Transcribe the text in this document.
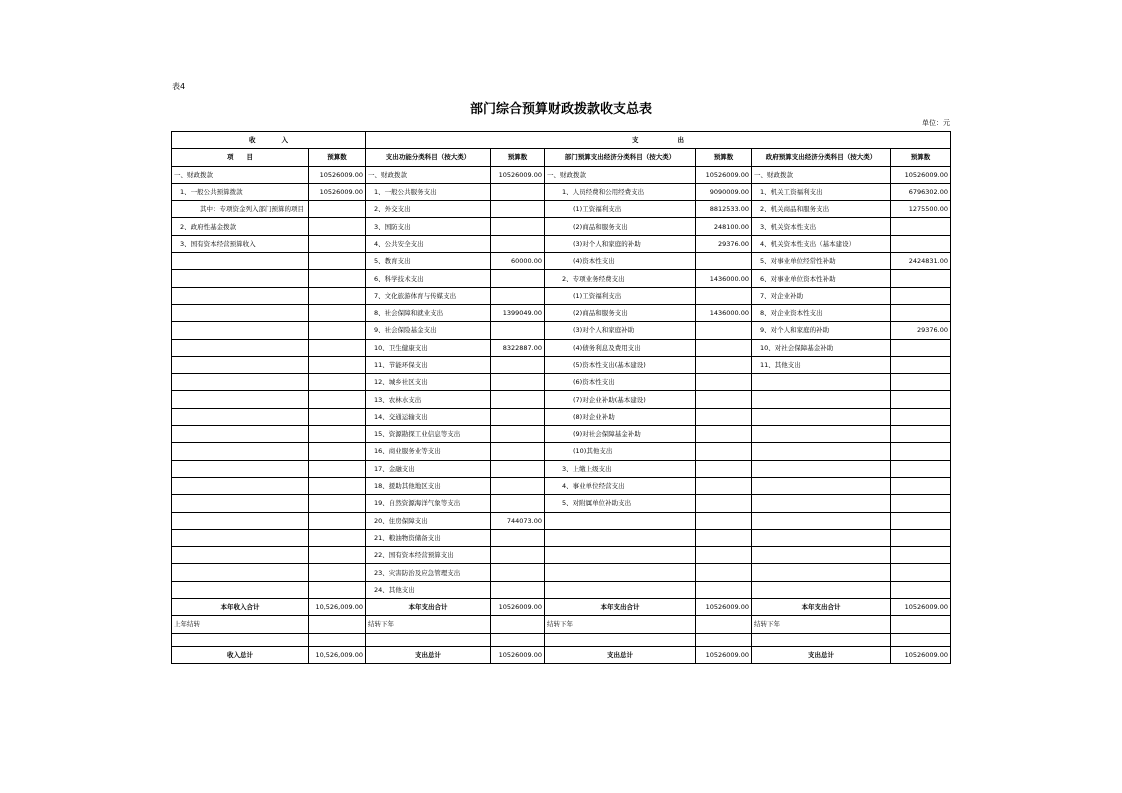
表4
部门综合预算财政拨款收支总表
单位：元
收　　　　入		支　　　　　　出					
项　　目	预算数	支出功能分类科目（按大类）	预算数	部门预算支出经济分类科目（按大类）	预算数	政府预算支出经济分类科目（按大类）	预算数
一、财政拨款	10526009.00	一、财政拨款	10526009.00	一、财政拨款	10526009.00	一、财政拨款	10526009.00
1、一般公共预算拨款	10526009.00	1、一般公共服务支出		1、人员经费和公用经费支出	9090009.00	1、机关工资福利支出	6796302.00
其中：专项资金列入部门预算的项目		2、外交支出		(1)工资福利支出	8812533.00	2、机关商品和服务支出	1275500.00
2、政府性基金拨款		3、国防支出		(2)商品和服务支出	248100.00	3、机关资本性支出	
3、国有资本经营预算收入		4、公共安全支出		(3)对个人和家庭的补助	29376.00	4、机关资本性支出（基本建设）	
		5、教育支出	60000.00	(4)资本性支出		5、对事业单位经常性补助	2424831.00
		6、科学技术支出		2、专项业务经费支出	1436000.00	6、对事业单位资本性补助	
		7、文化旅游体育与传媒支出		(1)工资福利支出		7、对企业补助	
		8、社会保障和就业支出	1399049.00	(2)商品和服务支出	1436000.00	8、对企业资本性支出	
		9、社会保险基金支出		(3)对个人和家庭补助		9、对个人和家庭的补助	29376.00
		10、卫生健康支出	8322887.00	(4)债务利息及费用支出		10、对社会保障基金补助	
		11、节能环保支出		(5)资本性支出(基本建设)		11、其他支出	
		12、城乡社区支出		(6)资本性支出			
		13、农林水支出		(7)对企业补助(基本建设)			
		14、交通运输支出		(8)对企业补助			
		15、资源勘探工业信息等支出		(9)对社会保障基金补助			
		16、商业服务业等支出		(10)其他支出			
		17、金融支出		3、上缴上级支出			
		18、援助其他地区支出		4、事业单位经营支出			
		19、自然资源海洋气象等支出		5、对附属单位补助支出			
		20、住房保障支出	744073.00				
		21、粮油物资储备支出					
		22、国有资本经营预算支出					
		23、灾害防治及应急管理支出					
		24、其他支出					
本年收入合计	10,526,009.00	本年支出合计	10526009.00	本年支出合计	10526009.00	本年支出合计	10526009.00
上年结转		结转下年		结转下年		结转下年	

收入总计	10,526,009.00	支出总计	10526009.00	支出总计	10526009.00	支出总计	10526009.00
